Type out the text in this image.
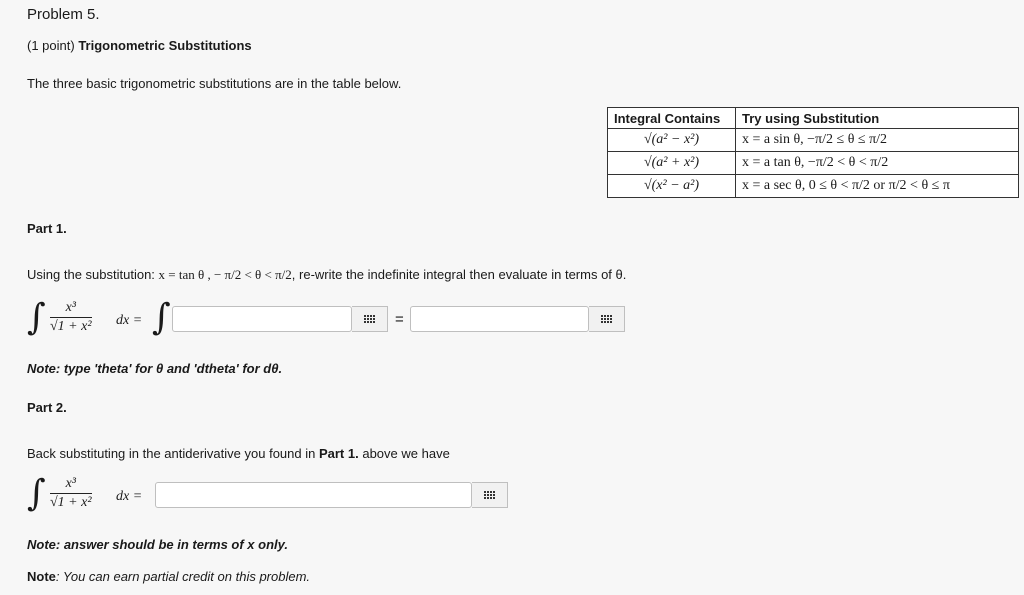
Problem 5.
(1 point) Trigonometric Substitutions
The three basic trigonometric substitutions are in the table below.
Integral Contains	Try using Substitution
√(a² − x²)	x = a sin θ, −π/2 ≤ θ ≤ π/2
√(a² + x²)	x = a tan θ, −π/2 < θ < π/2
√(x² − a²)	x = a sec θ, 0 ≤ θ < π/2 or π/2 < θ ≤ π
Part 1.
Using the substitution: x = tan θ , − π/2 < θ < π/2, re-write the indefinite integral then evaluate in terms of θ.
∫ $\frac{\text{x³}}{\text{√1 + x²}}$ dx = ∫	=
Note: type 'theta' for θ and 'dtheta' for dθ.
Part 2.
Back substituting in the antiderivative you found in Part 1. above we have
∫ $\frac{\text{x³}}{\text{√1 + x²}}$ dx =
Note: answer should be in terms of x only.
Note: You can earn partial credit on this problem.
